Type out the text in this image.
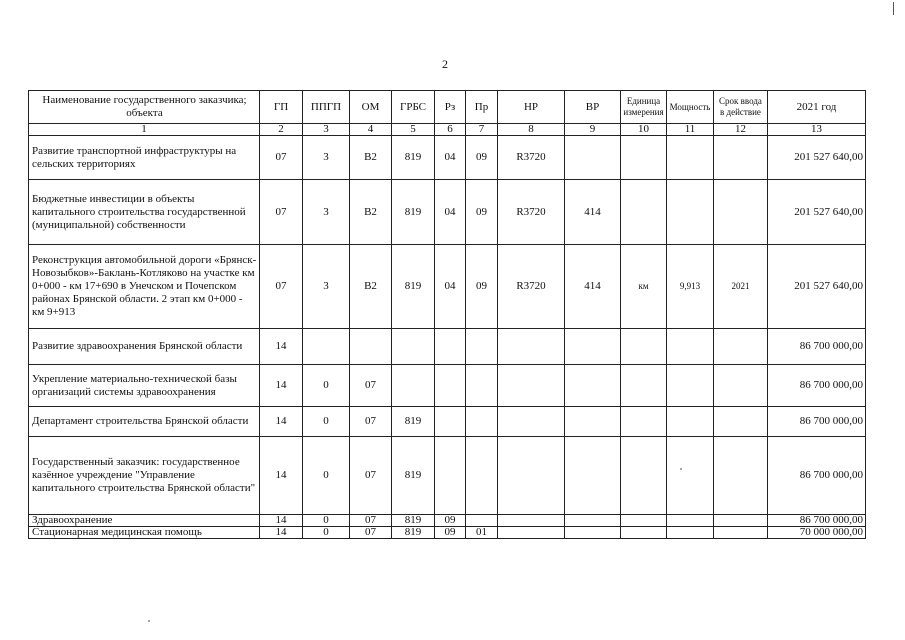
2
Наименование государственного заказчика; объекта	ГП	ППГП	ОМ	ГРБС	Рз	Пр	НР	ВР	Единица измерения	Мощность	Срок ввода в действие	2021 год
1	2	3	4	5	6	7	8	9	10	11	12	13
Развитие транспортной инфраструктуры на сельских территориях	07	3	В2	819	04	09	R3720					201 527 640,00
Бюджетные инвестиции в объекты капитального строительства государственной (муниципальной) собственности	07	3	В2	819	04	09	R3720	414				201 527 640,00
Реконструкция автомобильной дороги «Брянск-Новозыбков»-Баклань-Котляково на участке км 0+000 - км 17+690 в Унечском и Почепском районах Брянской области. 2 этап км 0+000 - км 9+913	07	3	В2	819	04	09	R3720	414	км	9,913	2021	201 527 640,00
Развитие здравоохранения Брянской области	14											86 700 000,00
Укрепление материально-технической базы организаций системы здравоохранения	14	0	07									86 700 000,00
Департамент строительства Брянской области	14	0	07	819								86 700 000,00
Государственный заказчик: государственное казённое учреждение "Управление капитального строительства Брянской области"	14	0	07	819								86 700 000,00
Здравоохранение	14	0	07	819	09							86 700 000,00
Стационарная медицинская помощь	14	0	07	819	09	01						70 000 000,00
